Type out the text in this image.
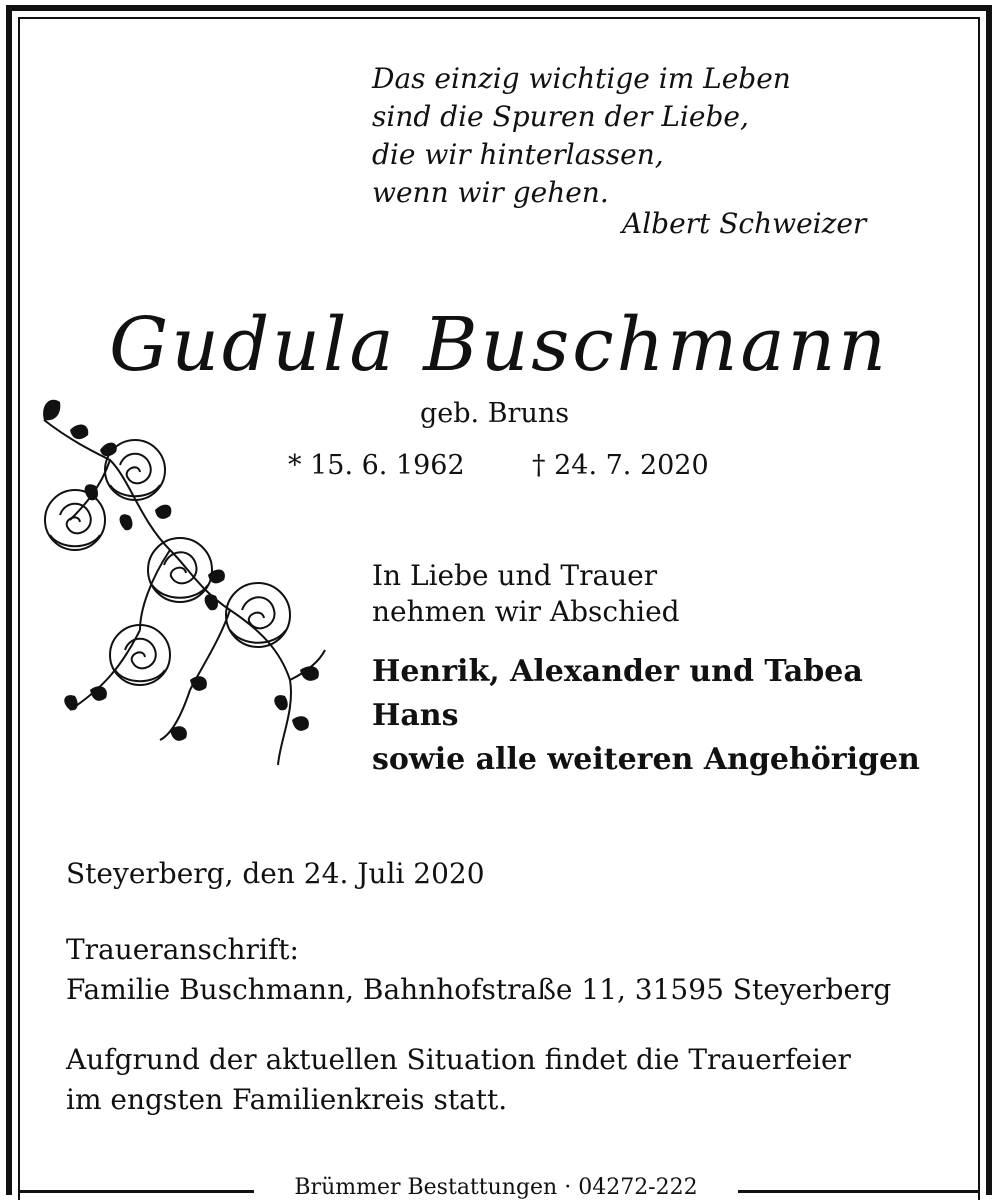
Das einzig wichtige im Leben
sind die Spuren der Liebe,
die wir hinterlassen,
wenn wir gehen.
Albert Schweizer
Gudula Buschmann
geb. Bruns
* 15. 6. 1962 † 24. 7. 2020
In Liebe und Trauer
nehmen wir Abschied
Henrik, Alexander und Tabea
Hans
sowie alle weiteren Angehörigen
Steyerberg, den 24. Juli 2020
Traueranschrift:
Familie Buschmann, Bahnhofstraße 11, 31595 Steyerberg
Aufgrund der aktuellen Situation findet die Trauerfeier
im engsten Familienkreis statt.
Brümmer Bestattungen · 04272-222
